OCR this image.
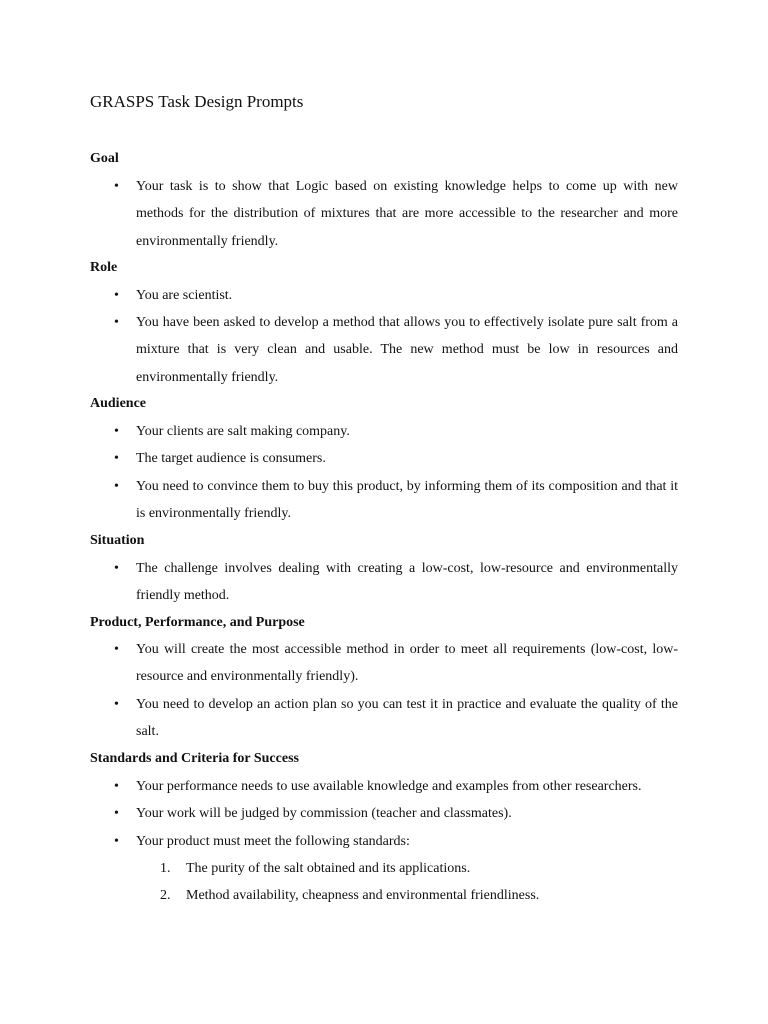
GRASPS Task Design Prompts
Goal
• Your task is to show that Logic based on existing knowledge helps to come up with new methods for the distribution of mixtures that are more accessible to the researcher and more environmentally friendly.
Role
• You are scientist.
• You have been asked to develop a method that allows you to effectively isolate pure salt from a mixture that is very clean and usable. The new method must be low in resources and environmentally friendly.
Audience
• Your clients are salt making company.
• The target audience is consumers.
• You need to convince them to buy this product, by informing them of its composition and that it is environmentally friendly.
Situation
• The challenge involves dealing with creating a low-cost, low-resource and environmentally friendly method.
Product, Performance, and Purpose
• You will create the most accessible method in order to meet all requirements (low-cost, low-resource and environmentally friendly).
• You need to develop an action plan so you can test it in practice and evaluate the quality of the salt.
Standards and Criteria for Success
• Your performance needs to use available knowledge and examples from other researchers.
• Your work will be judged by commission (teacher and classmates).
• Your product must meet the following standards:
1. The purity of the salt obtained and its applications.
2. Method availability, cheapness and environmental friendliness.
